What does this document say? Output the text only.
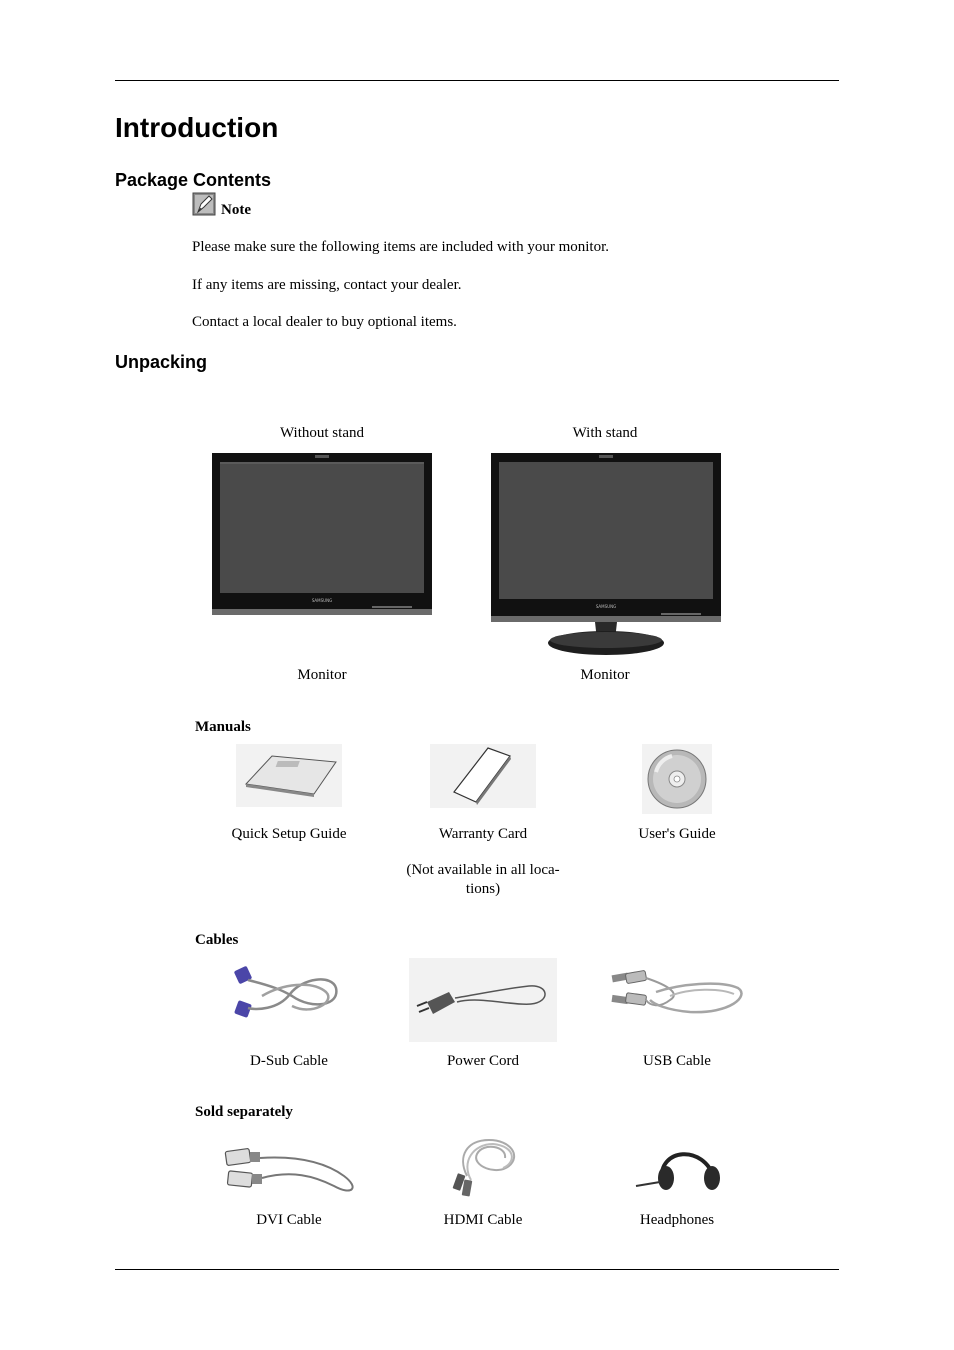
Introduction
Package Contents
Note
Please make sure the following items are included with your monitor.
If any items are missing, contact your dealer.
Contact a local dealer to buy optional items.
Unpacking
Without stand	With stand
SAMSUNG
SAMSUNG
Monitor	Monitor
Manuals
Quick Setup Guide	Warranty Card	User's Guide
(Not available in all loca-
tions)
Cables
D-Sub Cable	Power Cord	USB Cable
Sold separately
DVI Cable	HDMI Cable	Headphones
